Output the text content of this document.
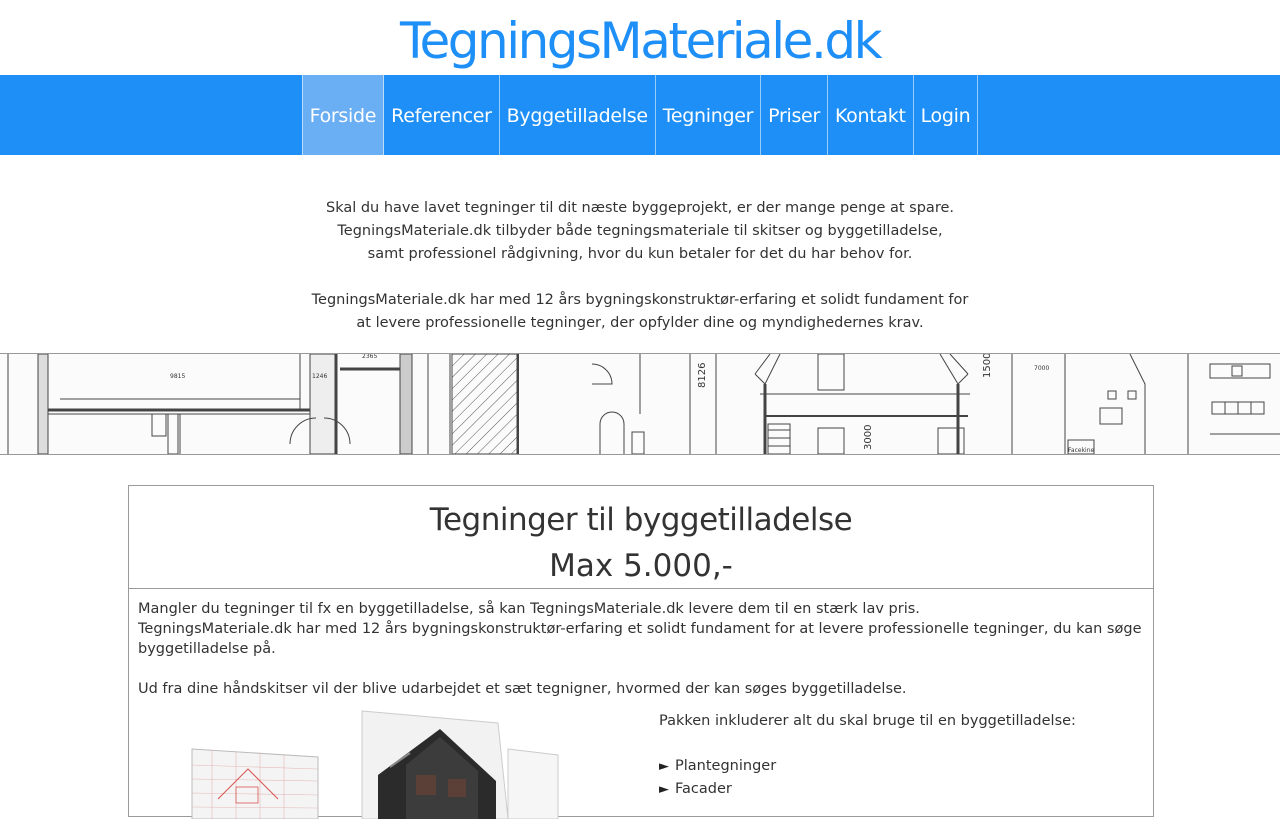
TegningsMateriale.dk
Forside Referencer Byggetilladelse Tegninger Priser Kontakt Login

Skal du have lavet tegninger til dit næste byggeprojekt, er der mange penge at spare.

TegningsMateriale.dk tilbyder både tegningsmateriale til skitser og byggetilladelse,

samt professionel rådgivning, hvor du kun betaler for det du har behov for.

TegningsMateriale.dk har med 12 års bygningskonstruktør-erfaring et solidt fundament for

at levere professionelle tegninger, der opfylder dine og myndighedernes krav.

9815	1246
2365
8126	1500
3000
7000
Facekine
Tegninger til byggetilladelse
Max 5.000,-

Mangler du tegninger til fx en byggetilladelse, så kan TegningsMateriale.dk levere dem til en stærk lav pris.

TegningsMateriale.dk har med 12 års bygningskonstruktør-erfaring et solidt fundament for at levere professionelle tegninger, du kan søge byggetilladelse på.

Ud fra dine håndskitser vil der blive udarbejdet et sæt tegnigner, hvormed der kan søges byggetilladelse.

Pakken inkluderer alt du skal bruge til en byggetilladelse:

► Plantegninger
► Facader
